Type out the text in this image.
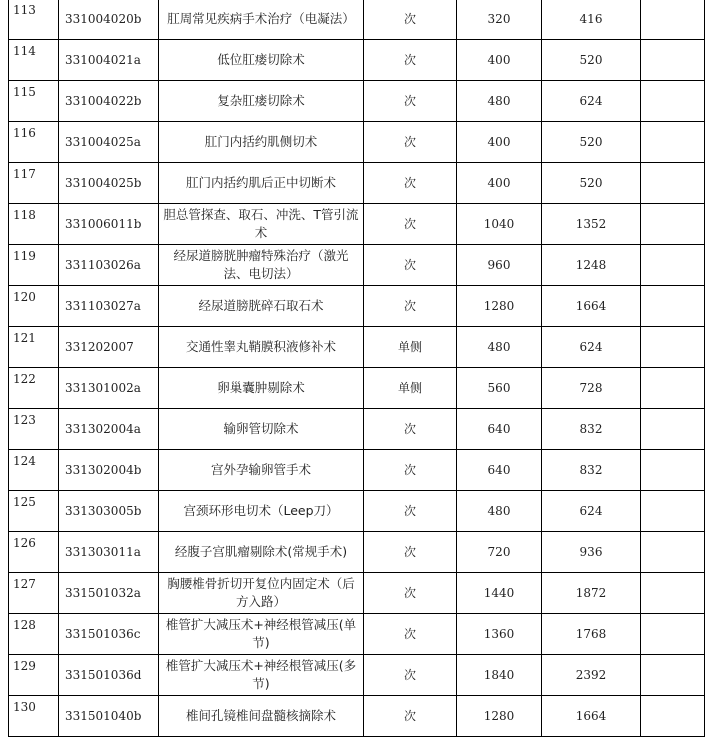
113	331004020b	肛周常见疾病手术治疗（电凝法）	次	320	416	
114	331004021a	低位肛瘘切除术	次	400	520	
115	331004022b	复杂肛瘘切除术	次	480	624	
116	331004025a	肛门内括约肌侧切术	次	400	520	
117	331004025b	肛门内括约肌后正中切断术	次	400	520	
118	331006011b	胆总管探查、取石、冲洗、T管引流术	次	1040	1352	
119	331103026a	经尿道膀胱肿瘤特殊治疗（激光法、电切法）	次	960	1248	
120	331103027a	经尿道膀胱碎石取石术	次	1280	1664	
121	331202007	交通性睾丸鞘膜积液修补术	单侧	480	624	
122	331301002a	卵巢囊肿剔除术	单侧	560	728	
123	331302004a	输卵管切除术	次	640	832	
124	331302004b	宫外孕输卵管手术	次	640	832	
125	331303005b	宫颈环形电切术（Leep刀）	次	480	624	
126	331303011a	经腹子宫肌瘤剔除术(常规手术)	次	720	936	
127	331501032a	胸腰椎骨折切开复位内固定术（后方入路）	次	1440	1872	
128	331501036c	椎管扩大减压术+神经根管减压(单节)	次	1360	1768	
129	331501036d	椎管扩大减压术+神经根管减压(多节)	次	1840	2392	
130	331501040b	椎间孔镜椎间盘髓核摘除术	次	1280	1664	
